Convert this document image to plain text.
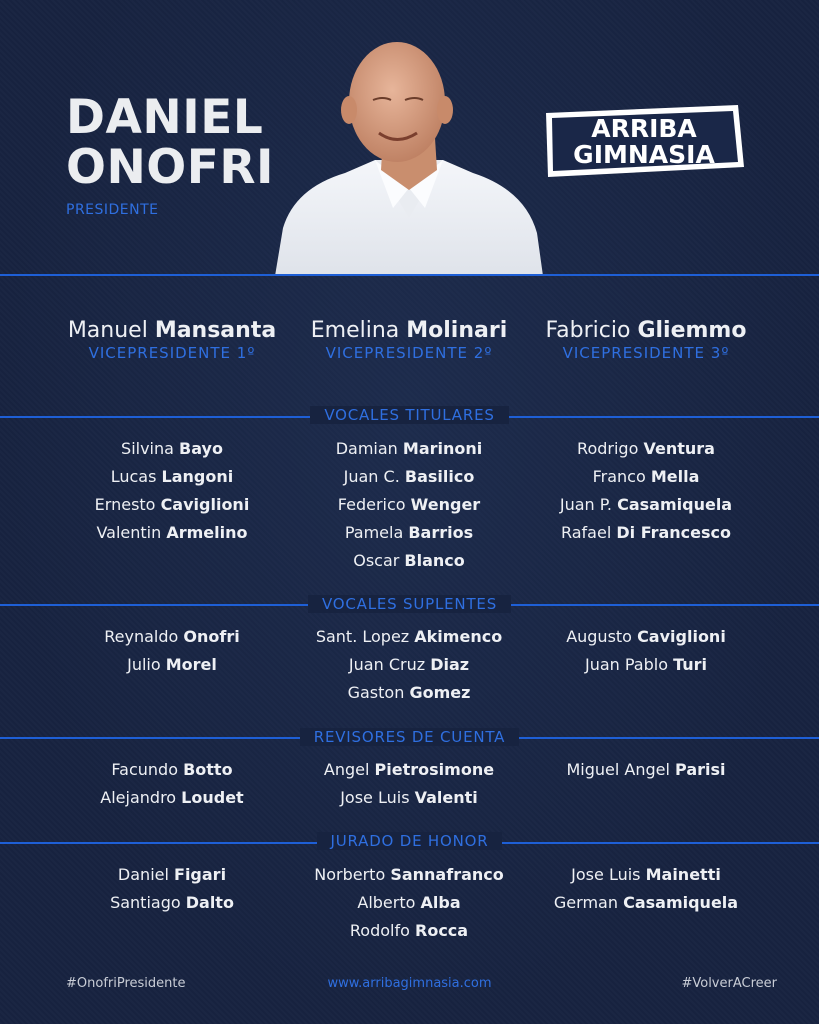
DANIEL
ONOFRI
PRESIDENTE
ARRIBA
GIMNASIA
Manuel Mansanta
VICEPRESIDENTE 1º
Emelina Molinari
VICEPRESIDENTE 2º
Fabricio Gliemmo
VICEPRESIDENTE 3º
VOCALES TITULARES
Silvina Bayo
Lucas Langoni
Ernesto Caviglioni
Valentin Armelino
Damian Marinoni
Juan C. Basilico
Federico Wenger
Pamela Barrios
Oscar Blanco
Rodrigo Ventura
Franco Mella
Juan P. Casamiquela
Rafael Di Francesco
VOCALES SUPLENTES
Reynaldo Onofri
Julio Morel
Sant. Lopez Akimenco
Juan Cruz Diaz
Gaston Gomez
Augusto Caviglioni
Juan Pablo Turi
REVISORES DE CUENTA
Facundo Botto
Alejandro Loudet
Angel Pietrosimone
Jose Luis Valenti
Miguel Angel Parisi
JURADO DE HONOR
Daniel Figari
Santiago Dalto
Norberto Sannafranco
Alberto Alba
Rodolfo Rocca
Jose Luis Mainetti
German Casamiquela
#OnofriPresidente	www.arribagimnasia.com	#VolverACreer
